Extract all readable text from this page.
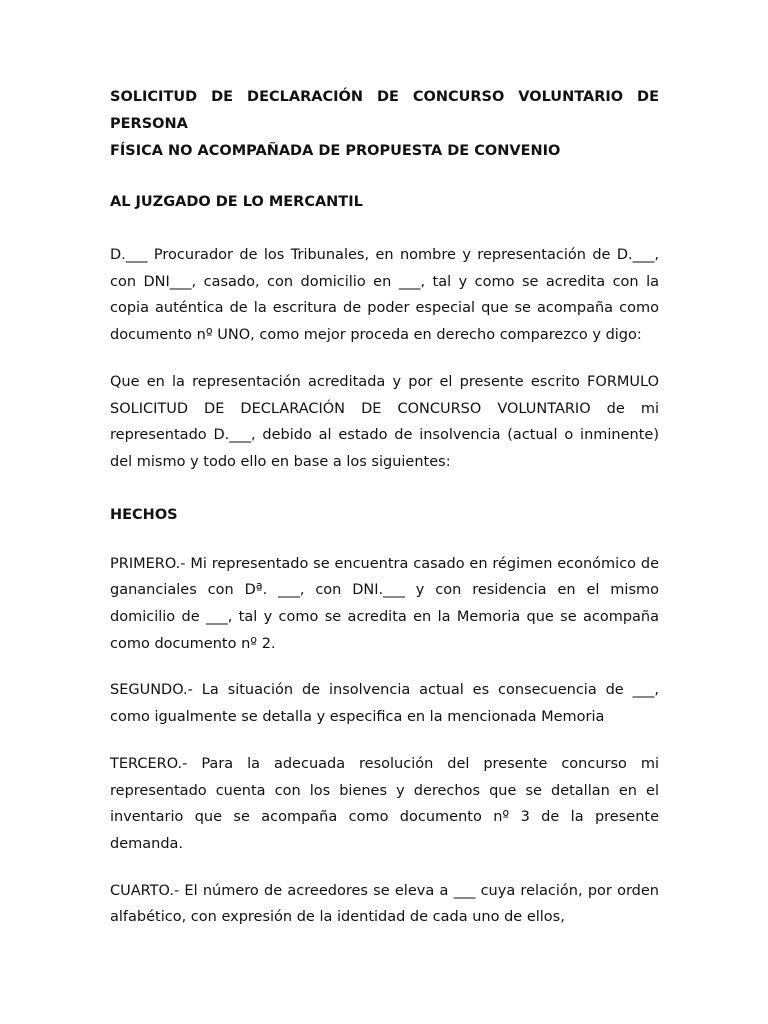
SOLICITUD DE DECLARACIÓN DE CONCURSO VOLUNTARIO DE PERSONA
FÍSICA NO ACOMPAÑADA DE PROPUESTA DE CONVENIO
AL JUZGADO DE LO MERCANTIL

D.___ Procurador de los Tribunales, en nombre y representación de D.___, con DNI___, casado, con domicilio en ___, tal y como se acredita con la copia auténtica de la escritura de poder especial que se acompaña como documento nº UNO, como mejor proceda en derecho comparezco y digo:

Que en la representación acreditada y por el presente escrito FORMULO SOLICITUD DE DECLARACIÓN DE CONCURSO VOLUNTARIO de mi representado D.___, debido al estado de insolvencia (actual o inminente) del mismo y todo ello en base a los siguientes:

HECHOS

PRIMERO.- Mi representado se encuentra casado en régimen económico de gananciales con Dª. ___, con DNI.___ y con residencia en el mismo domicilio de ___, tal y como se acredita en la Memoria que se acompaña como documento nº 2.

SEGUNDO.- La situación de insolvencia actual es consecuencia de ___, como igualmente se detalla y especifica en la mencionada Memoria

TERCERO.- Para la adecuada resolución del presente concurso mi representado cuenta con los bienes y derechos que se detallan en el inventario que se acompaña como documento nº 3 de la presente demanda.

CUARTO.- El número de acreedores se eleva a ___ cuya relación, por orden alfabético, con expresión de la identidad de cada uno de ellos,
